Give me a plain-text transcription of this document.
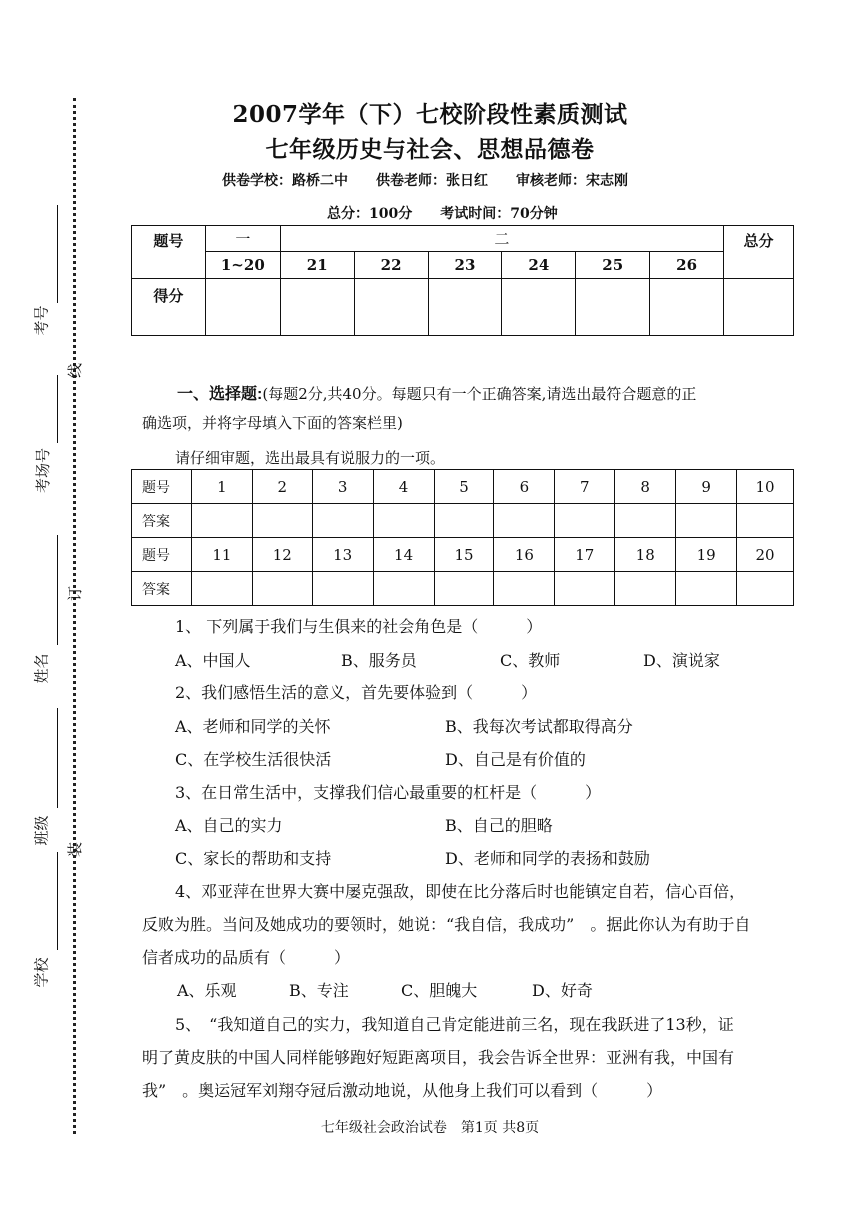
考号
考场号
姓名
班级
学校
线
订
装
2007学年（下）七校阶段性素质测试
七年级历史与社会、思想品德卷
供卷学校：路桥二中 供卷老师：张日红 审核老师：宋志刚
总分：100分　　考试时间：70分钟
题号	一	二						总分
	1~20	21	22	23	24	25	26	
得分								
一、选择题:(每题2分,共40分。每题只有一个正确答案,请选出最符合题意的正
确选项，并将字母填入下面的答案栏里)
请仔细审题，选出最具有说服力的一项。
题号	1	2	3	4	5	6	7	8	9	10
答案										
题号	11	12	13	14	15	16	17	18	19	20
答案										
1、 下列属于我们与生俱来的社会角色是（　　　）
A、中国人	B、服务员	C、教师	D、演说家
2、我们感悟生活的意义，首先要体验到（　　　）
A、老师和同学的关怀	B、我每次考试都取得高分
C、在学校生活很快活	D、自己是有价值的
3、在日常生活中，支撑我们信心最重要的杠杆是（　　　）
A、自己的实力	B、自己的胆略
C、家长的帮助和支持	D、老师和同学的表扬和鼓励
4、邓亚萍在世界大赛中屡克强敌，即使在比分落后时也能镇定自若，信心百倍，
反败为胜。当问及她成功的要领时，她说：“我自信，我成功”　。据此你认为有助于自
信者成功的品质有（　　　）
A、乐观	B、专注	C、胆魄大	D、好奇
5、　“我知道自己的实力，我知道自己肯定能进前三名，现在我跃进了13秒，证
明了黄皮肤的中国人同样能够跑好短距离项目，我会告诉全世界：亚洲有我，中国有
我”　。奥运冠军刘翔夺冠后激动地说，从他身上我们可以看到（　　　）
七年级社会政治试卷　第1页 共8页
